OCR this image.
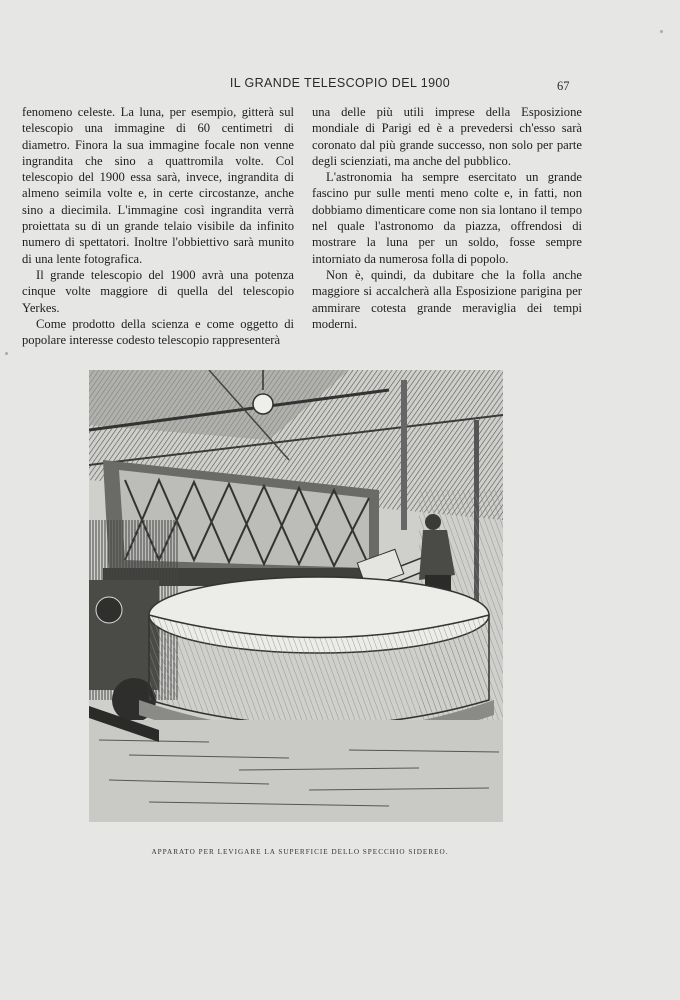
IL GRANDE TELESCOPIO DEL 1900	67

fenomeno celeste. La luna, per esempio, gitterà sul telescopio una immagine di 60 centimetri di diametro. Finora la sua immagine focale non venne ingrandita che sino a quattromila volte. Col telescopio del 1900 essa sarà, invece, ingrandita di almeno seimila volte e, in certe circostanze, anche sino a diecimila. L'immagine così ingrandita verrà proiettata su di un grande telaio visibile da infinito numero di spettatori. Inoltre l'obbiettivo sarà munito di una lente fotografica.

Il grande telescopio del 1900 avrà una potenza cinque volte maggiore di quella del telescopio Yerkes.

Come prodotto della scienza e come oggetto di popolare interesse codesto telescopio rappresenterà

una delle più utili imprese della Esposizione mondiale di Parigi ed è a prevedersi ch'esso sarà coronato dal più grande successo, non solo per parte degli scienziati, ma anche del pubblico.

L'astronomia ha sempre esercitato un grande fascino pur sulle menti meno colte e, in fatti, non dobbiamo dimenticare come non sia lontano il tempo nel quale l'astronomo da piazza, offrendosi di mostrare la luna per un soldo, fosse sempre intorniato da numerosa folla di popolo.

Non è, quindi, da dubitare che la folla anche maggiore si accalcherà alla Esposizione parigina per ammirare cotesta grande meraviglia dei tempi moderni.

APPARATO PER LEVIGARE LA SUPERFICIE DELLO SPECCHIO SIDEREO.
